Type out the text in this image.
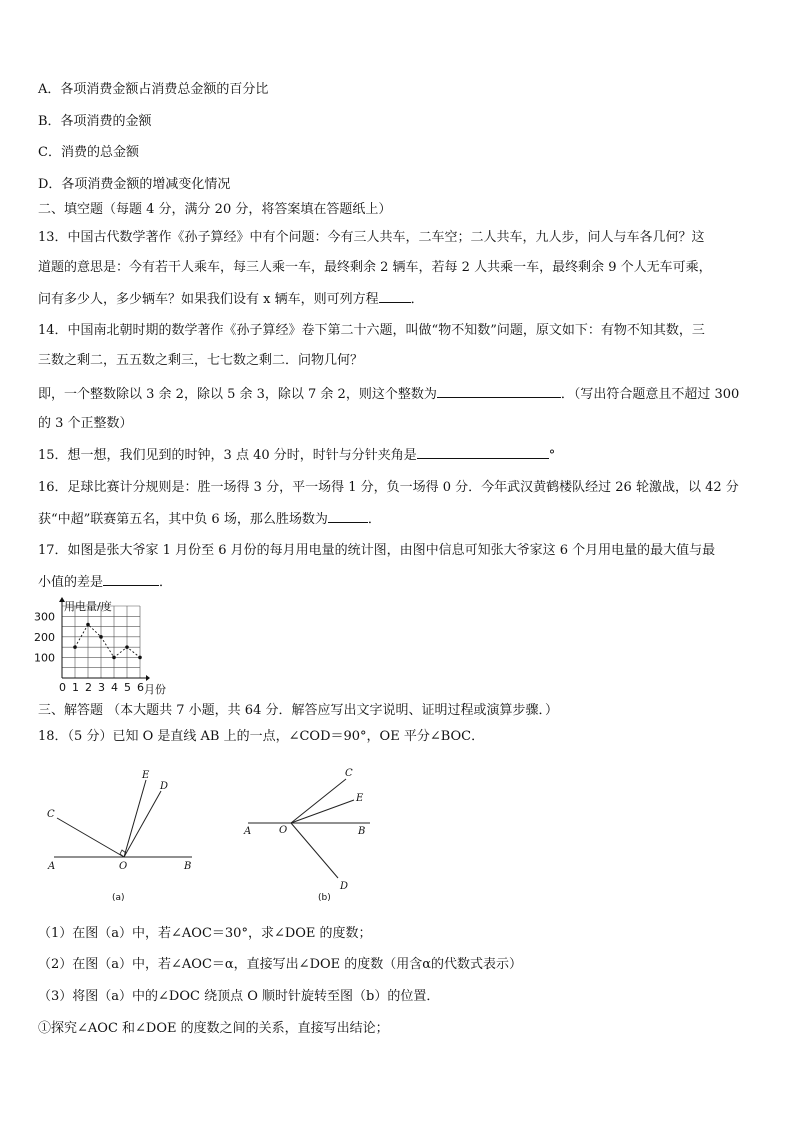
A．各项消费金额占消费总金额的百分比
B．各项消费的金额
C．消费的总金额
D．各项消费金额的增减变化情况
二、填空题（每题 4 分，满分 20 分，将答案填在答题纸上）
13．中国古代数学著作《孙子算经》中有个问题：今有三人共车，二车空；二人共车，九人步，问人与车各几何？这
道题的意思是：今有若干人乘车，每三人乘一车，最终剩余 2 辆车，若每 2 人共乘一车，最终剩余 9 个人无车可乘，
问有多少人，多少辆车？如果我们设有 x 辆车，则可列方程 ．
14．中国南北朝时期的数学著作《孙子算经》卷下第二十六题，叫做“物不知数”问题，原文如下：有物不知其数，三
三数之剩二，五五数之剩三，七七数之剩二．问物几何？
即，一个整数除以 3 余 2，除以 5 余 3，除以 7 余 2，则这个整数为	．（写出符合题意且不超过 300
的 3 个正整数）
15．想一想，我们见到的时钟，3 点 40 分时，时针与分针夹角是	°
16．足球比赛计分规则是：胜一场得 3 分，平一场得 1 分，负一场得 0 分．今年武汉黄鹤楼队经过 26 轮激战，以 42 分
获“中超”联赛第五名，其中负 6 场，那么胜场数为	．
17．如图是张大爷家 1 月份至 6 月份的每月用电量的统计图，由图中信息可知张大爷家这 6 个月用电量的最大值与最
小值的差是	．
0 1 2 3 4 5 6
100
200
300
用电量/度
月份
三、解答题 （本大题共 7 小题，共 64 分．解答应写出文字说明、证明过程或演算步骤．）
18．（5 分）已知 O 是直线 AB 上的一点，∠COD＝90°，OE 平分∠BOC．
A	B
C
D
E
O
(a)
A	B
C
D
E
O
(b)
（1）在图（a）中，若∠AOC＝30°，求∠DOE 的度数；
（2）在图（a）中，若∠AOC＝α，直接写出∠DOE 的度数（用含α的代数式表示）
（3）将图（a）中的∠DOC 绕顶点 O 顺时针旋转至图（b）的位置．
①探究∠AOC 和∠DOE 的度数之间的关系，直接写出结论；
